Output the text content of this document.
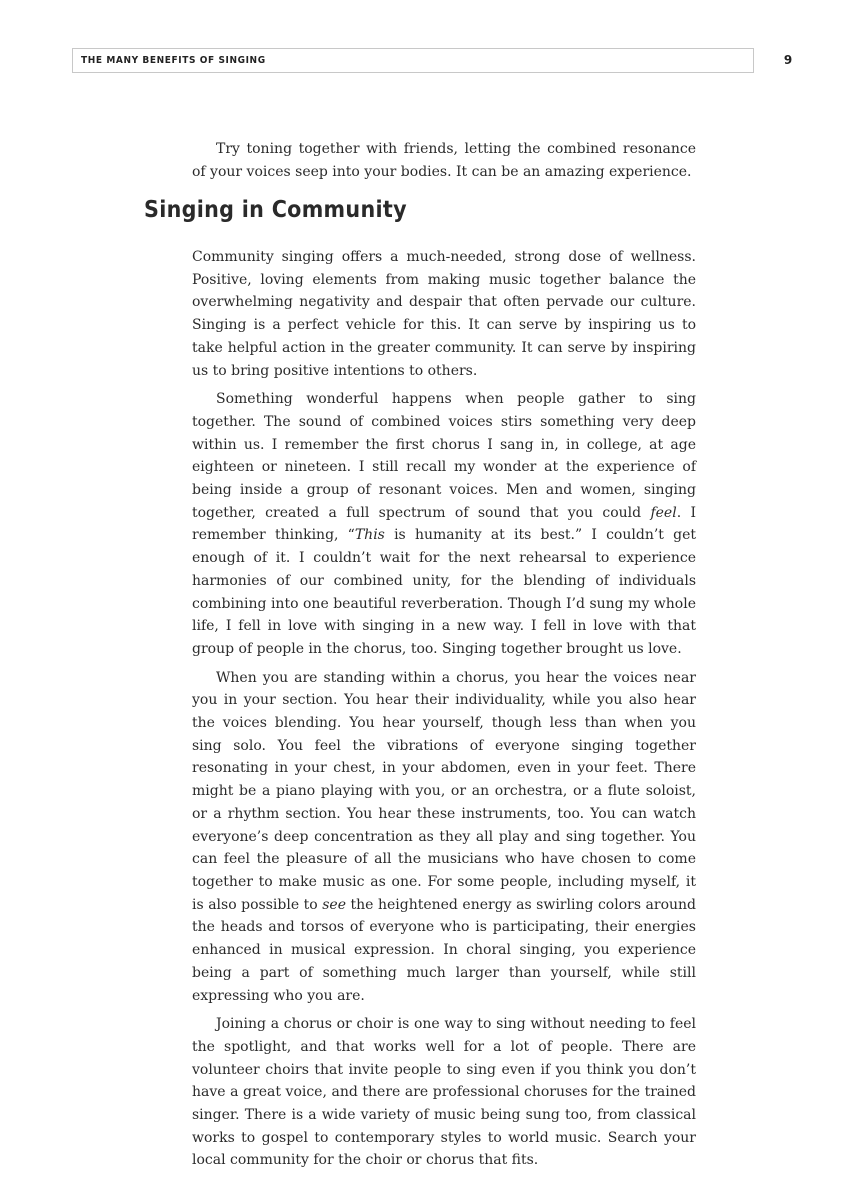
THE MANY BENEFITS OF SINGING	9

Try toning together with friends, letting the combined resonance of your voices seep into your bodies. It can be an amazing experience.

Singing in Community

Community singing offers a much-needed, strong dose of wellness. Positive, loving elements from making music together balance the overwhelming negativity and despair that often pervade our culture. Singing is a perfect vehicle for this. It can serve by inspiring us to take helpful action in the greater community. It can serve by inspiring us to bring positive intentions to others.

Something wonderful happens when people gather to sing together. The sound of combined voices stirs something very deep within us. I remember the first chorus I sang in, in college, at age eighteen or nineteen. I still recall my wonder at the experience of being inside a group of resonant voices. Men and women, singing together, created a full spectrum of sound that you could feel. I remember thinking, “This is humanity at its best.” I couldn’t get enough of it. I couldn’t wait for the next rehearsal to experience harmonies of our combined unity, for the blending of individuals combining into one beautiful reverberation. Though I’d sung my whole life, I fell in love with singing in a new way. I fell in love with that group of people in the chorus, too. Singing together brought us love.

When you are standing within a chorus, you hear the voices near you in your section. You hear their individuality, while you also hear the voices blending. You hear yourself, though less than when you sing solo. You feel the vibrations of everyone singing together resonating in your chest, in your abdomen, even in your feet. There might be a piano playing with you, or an orchestra, or a flute soloist, or a rhythm section. You hear these instruments, too. You can watch everyone’s deep concentration as they all play and sing together. You can feel the pleasure of all the musicians who have chosen to come together to make music as one. For some people, including myself, it is also possible to see the heightened energy as swirling colors around the heads and torsos of everyone who is participating, their energies enhanced in musical expression. In choral singing, you experience being a part of something much larger than yourself, while still expressing who you are.

Joining a chorus or choir is one way to sing without needing to feel the spotlight, and that works well for a lot of people. There are volunteer choirs that invite people to sing even if you think you don’t have a great voice, and there are professional choruses for the trained singer. There is a wide variety of music being sung too, from classical works to gospel to contemporary styles to world music. Search your local community for the choir or chorus that fits.
